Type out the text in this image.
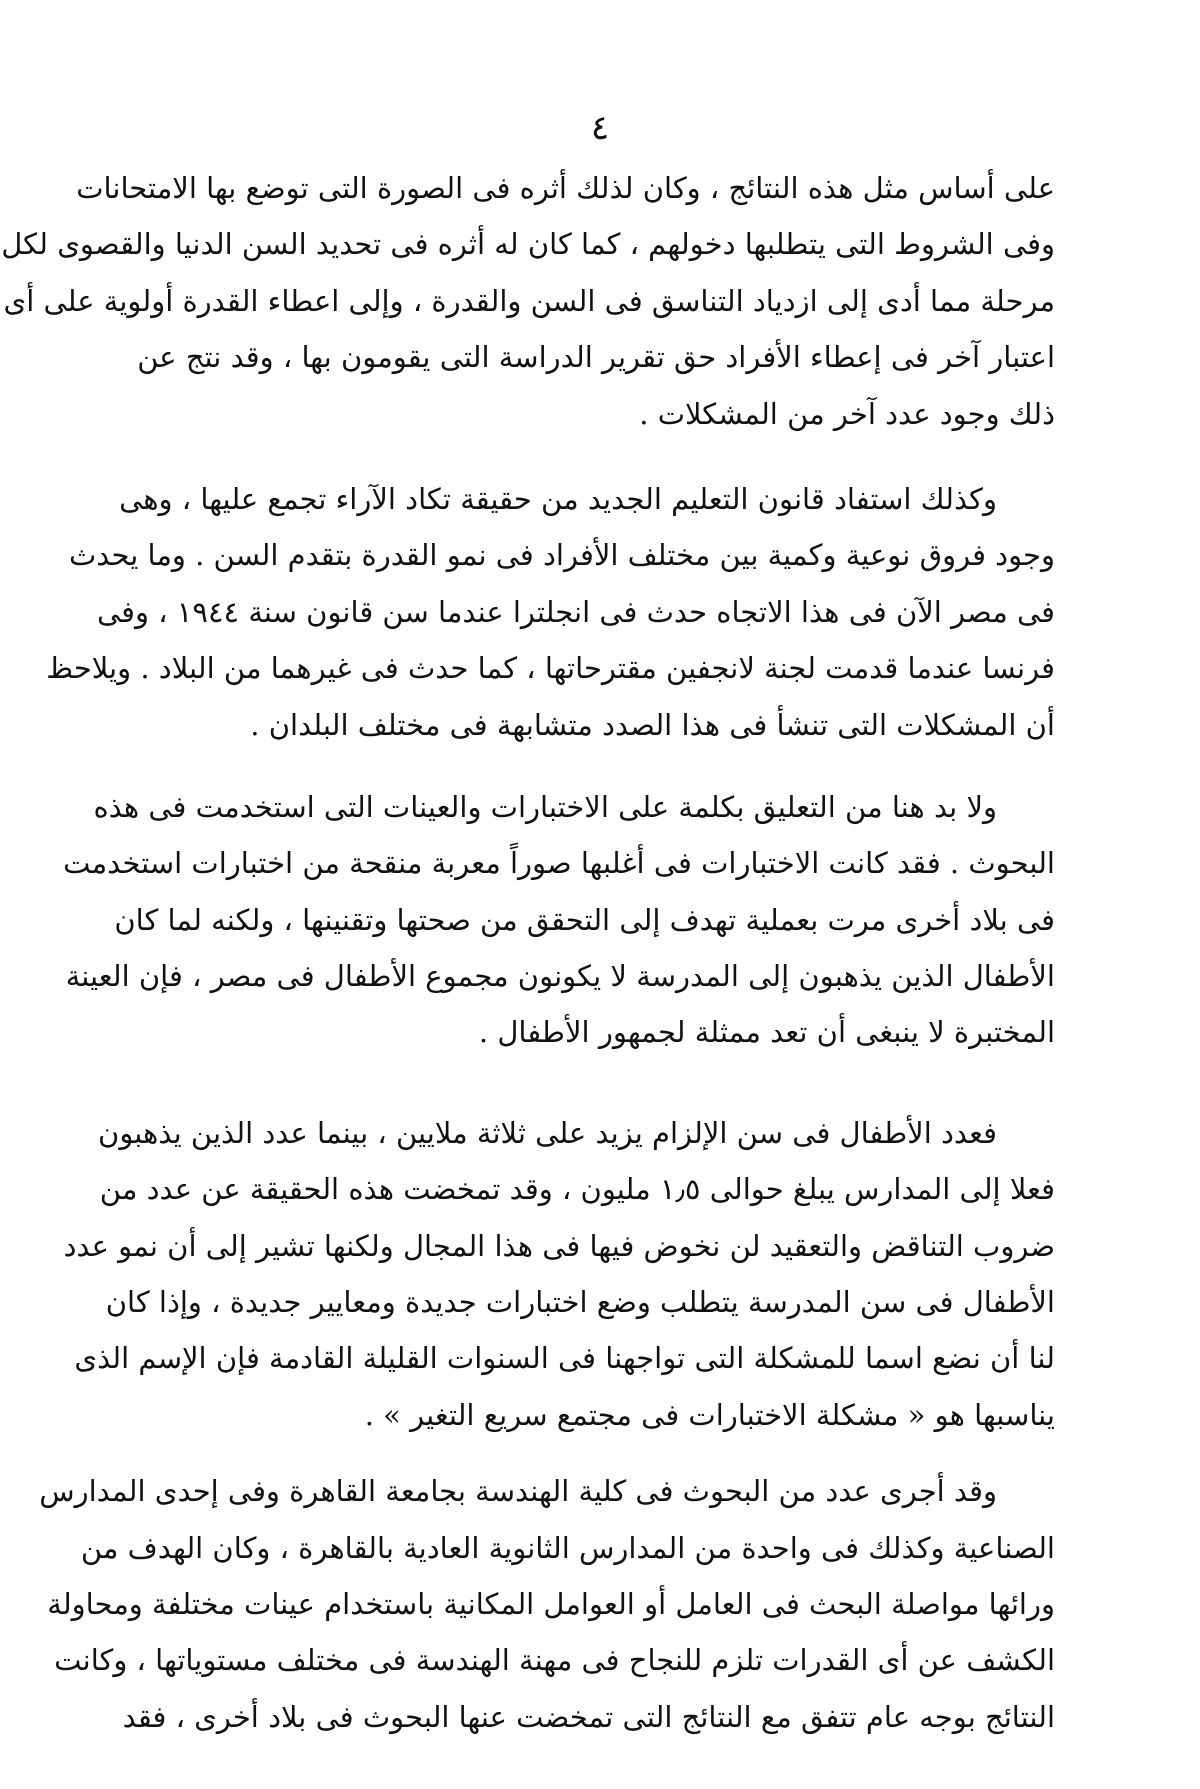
٤
على أساس مثل هذه النتائج ، وكان لذلك أثره فى الصورة التى توضع بها الامتحانات
وفى الشروط التى يتطلبها دخولهم ، كما كان له أثره فى تحديد السن الدنيا والقصوى لكل
مرحلة مما أدى إلى ازدياد التناسق فى السن والقدرة ، وإلى اعطاء القدرة أولوية على أى
اعتبار آخر فى إعطاء الأفراد حق تقرير الدراسة التى يقومون بها ، وقد نتج عن
ذلك وجود عدد آخر من المشكلات .
وكذلك استفاد قانون التعليم الجديد من حقيقة تكاد الآراء تجمع عليها ، وهى
وجود فروق نوعية وكمية بين مختلف الأفراد فى نمو القدرة بتقدم السن . وما يحدث
فى مصر الآن فى هذا الاتجاه حدث فى انجلترا عندما سن قانون سنة ١٩٤٤ ، وفى
فرنسا عندما قدمت لجنة لانجفين مقترحاتها ، كما حدث فى غيرهما من البلاد . ويلاحظ
أن المشكلات التى تنشأ فى هذا الصدد متشابهة فى مختلف البلدان .
ولا بد هنا من التعليق بكلمة على الاختبارات والعينات التى استخدمت فى هذه
البحوث . فقد كانت الاختبارات فى أغلبها صوراً معربة منقحة من اختبارات استخدمت
فى بلاد أخرى مرت بعملية تهدف إلى التحقق من صحتها وتقنينها ، ولكنه لما كان
الأطفال الذين يذهبون إلى المدرسة لا يكونون مجموع الأطفال فى مصر ، فإن العينة
المختبرة لا ينبغى أن تعد ممثلة لجمهور الأطفال .
فعدد الأطفال فى سن الإلزام يزيد على ثلاثة ملايين ، بينما عدد الذين يذهبون
فعلا إلى المدارس يبلغ حوالى ١٫٥ مليون ، وقد تمخضت هذه الحقيقة عن عدد من
ضروب التناقض والتعقيد لن نخوض فيها فى هذا المجال ولكنها تشير إلى أن نمو عدد
الأطفال فى سن المدرسة يتطلب وضع اختبارات جديدة ومعايير جديدة ، وإذا كان
لنا أن نضع اسما للمشكلة التى تواجهنا فى السنوات القليلة القادمة فإن الإسم الذى
يناسبها هو « مشكلة الاختبارات فى مجتمع سريع التغير » .
وقد أجرى عدد من البحوث فى كلية الهندسة بجامعة القاهرة وفى إحدى المدارس
الصناعية وكذلك فى واحدة من المدارس الثانوية العادية بالقاهرة ، وكان الهدف من
ورائها مواصلة البحث فى العامل أو العوامل المكانية باستخدام عينات مختلفة ومحاولة
الكشف عن أى القدرات تلزم للنجاح فى مهنة الهندسة فى مختلف مستوياتها ، وكانت
النتائج بوجه عام تتفق مع النتائج التى تمخضت عنها البحوث فى بلاد أخرى ، فقد
